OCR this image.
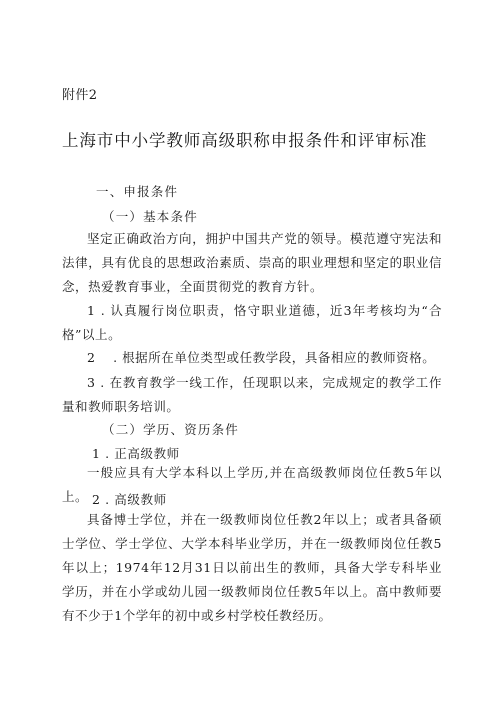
附件2
上海市中小学教师高级职称申报条件和评审标准
一、申报条件
（一）基本条件

坚定正确政治方向，拥护中国共产党的领导。模范遵守宪法和法律，具有优良的思想政治素质、崇高的职业理想和坚定的职业信念，热爱教育事业，全面贯彻党的教育方针。

1 . 认真履行岗位职责，恪守职业道德，近3年考核均为“合格”以上。

2　 . 根据所在单位类型或任教学段，具备相应的教师资格。

3 . 在教育教学一线工作，任现职以来，完成规定的教学工作量和教师职务培训。

（二）学历、资历条件
1 . 正高级教师

一般应具有大学本科以上学历,并在高级教师岗位任教5年以上。 2 . 高级教师

具备博士学位，并在一级教师岗位任教2年以上；或者具备硕士学位、学士学位、大学本科毕业学历，并在一级教师岗位任教5年以上；1974年12月31日以前出生的教师，具备大学专科毕业学历，并在小学或幼儿园一级教师岗位任教5年以上。高中教师要有不少于1个学年的初中或乡村学校任教经历。
